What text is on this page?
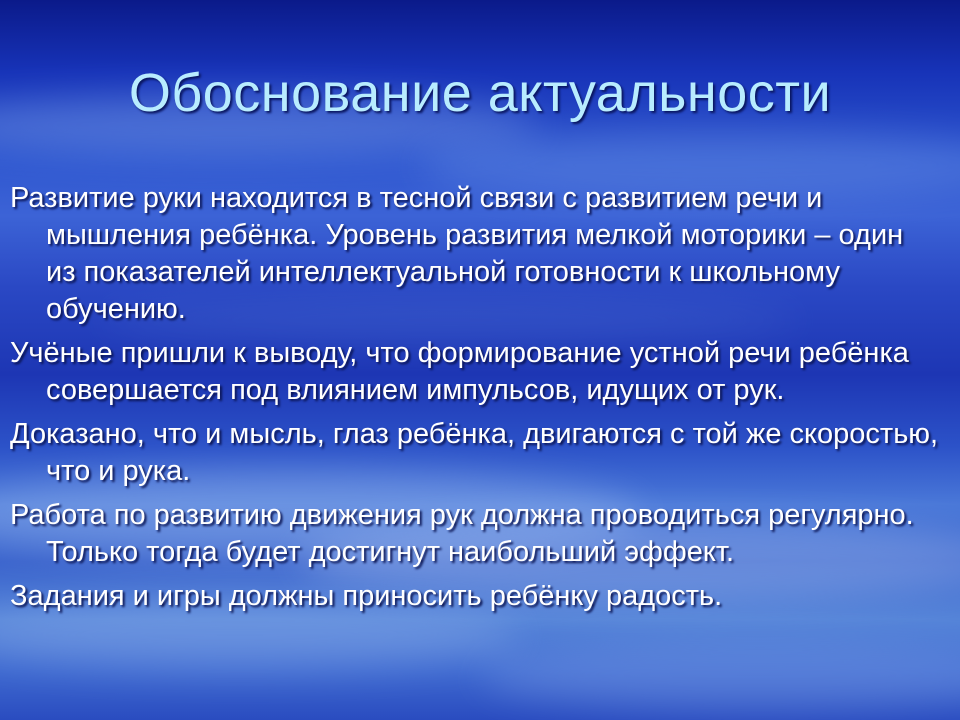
Обоснование актуальности
Развитие руки находится в тесной связи с развитием речи и мышления ребёнка. Уровень развития мелкой моторики – один из показателей интеллектуальной готовности к школьному обучению.
Учёные пришли к выводу, что формирование устной речи ребёнка совершается под влиянием импульсов, идущих от рук.
Доказано, что и мысль, глаз ребёнка, двигаются с той же скоростью, что и рука.
Работа по развитию движения рук должна проводиться регулярно. Только тогда будет достигнут наибольший эффект.
Задания и игры должны приносить ребёнку радость.
